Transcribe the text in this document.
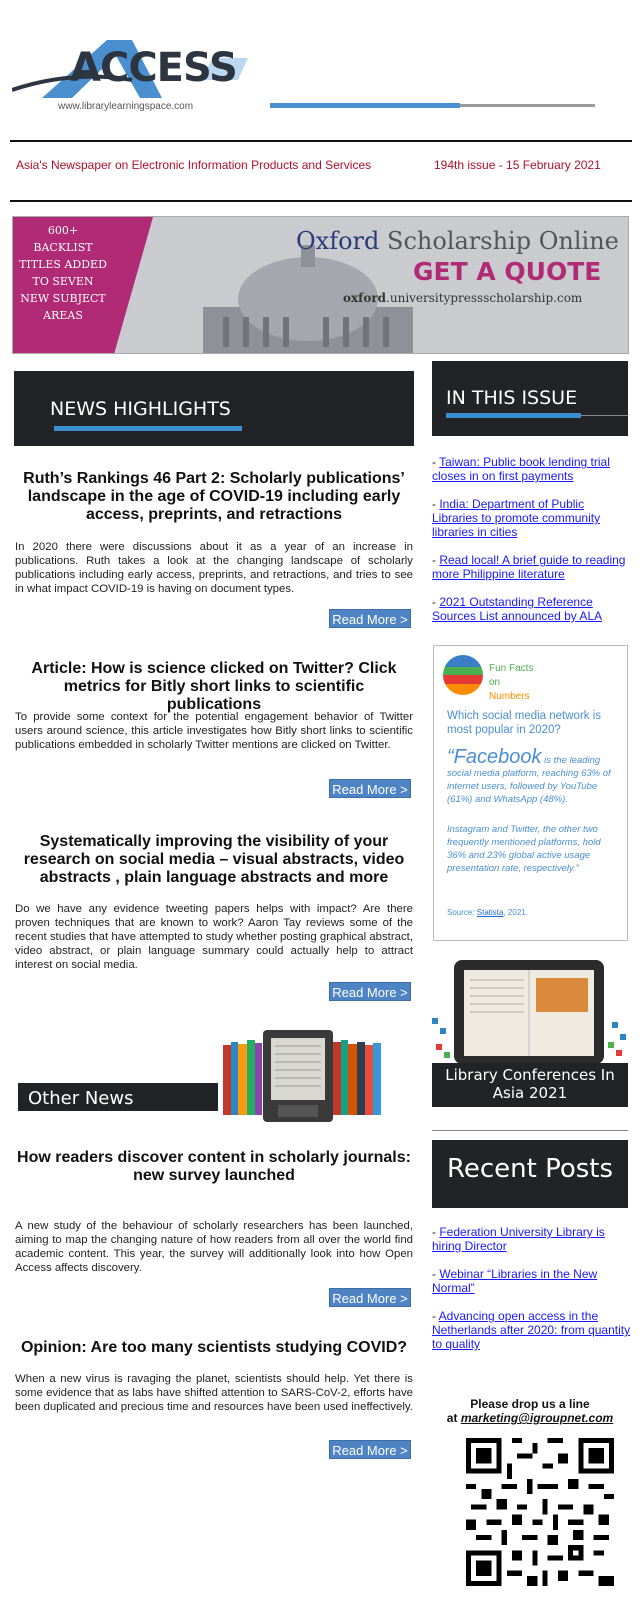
ACCESS
www.librarylearningspace.com
Asia's Newspaper on Electronic Information Products and Services	194th issue - 15 February 2021
600+
BACKLIST
TITLES ADDED
TO SEVEN
NEW SUBJECT
AREAS
Oxford Scholarship Online
GET A QUOTE
oxford.universitypressscholarship.com
NEWS HIGHLIGHTS
Ruth’s Rankings 46 Part 2: Scholarly publications’ landscape in the age of COVID-19 including early access, preprints, and retractions
In 2020 there were discussions about it as a year of an increase in publications. Ruth takes a look at the changing landscape of scholarly publications including early access, preprints, and retractions, and tries to see in what impact COVID-19 is having on document types.
Read More >
Article: How is science clicked on Twitter? Click metrics for Bitly short links to scientific publications
To provide some context for the potential engagement behavior of Twitter users around science, this article investigates how Bitly short links to scientific publications embedded in scholarly Twitter mentions are clicked on Twitter.
Read More >
Systematically improving the visibility of your research on social media – visual abstracts, video abstracts , plain language abstracts and more
Do we have any evidence tweeting papers helps with impact? Are there proven techniques that are known to work? Aaron Tay reviews some of the recent studies that have attempted to study whether posting graphical abstract, video abstract, or plain language summary could actually help to attract interest on social media.
Read More >
Other News
How readers discover content in scholarly journals: new survey launched
A new study of the behaviour of scholarly researchers has been launched, aiming to map the changing nature of how readers from all over the world find academic content. This year, the survey will additionally look into how Open Access affects discovery.
Read More >
Opinion: Are too many scientists studying COVID?
When a new virus is ravaging the planet, scientists should help. Yet there is some evidence that as labs have shifted attention to SARS-CoV-2, efforts have been duplicated and precious time and resources have been used ineffectively.
Read More >
IN THIS ISSUE
- Taiwan: Public book lending trial closes in on first payments
- India: Department of Public Libraries to promote community libraries in cities
- Read local! A brief guide to reading more Philippine literature
- 2021 Outstanding Reference Sources List announced by ALA
Fun Facts
on
Numbers
Which social media network is most popular in 2020?
“Facebook is the leading social media platform, reaching 63% of internet users, followed by YouTube (61%) and WhatsApp (48%).
Instagram and Twitter, the other two frequently mentioned platforms, hold 36% and 23% global active usage presentation rate, respectively.”
Source: Statista, 2021.
Library Conferences In Asia 2021
Recent Posts
- Federation University Library is hiring Director
- Webinar “Libraries in the New Normal”
- Advancing open access in the Netherlands after 2020: from quantity to quality
Please drop us a line
at marketing@igroupnet.com
